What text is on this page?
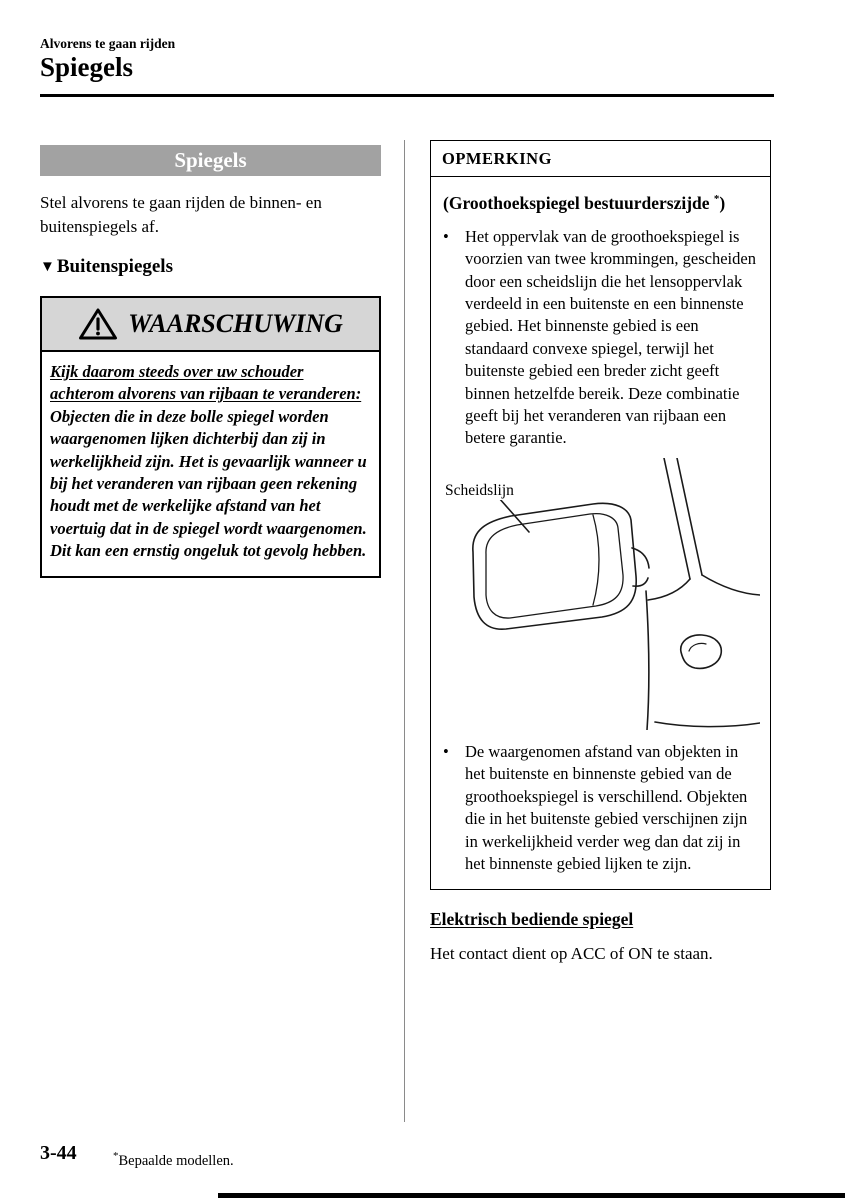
Alvorens te gaan rijden
Spiegels
Spiegels

Stel alvorens te gaan rijden de binnen- en buitenspiegels af.

▼ Buitenspiegels
WAARSCHUWING
Kijk daarom steeds over uw schouder achterom alvorens van rijbaan te veranderen: Objecten die in deze bolle spiegel worden waargenomen lijken dichterbij dan zij in werkelijkheid zijn. Het is gevaarlijk wanneer u bij het veranderen van rijbaan geen rekening houdt met de werkelijke afstand van het voertuig dat in de spiegel wordt waargenomen. Dit kan een ernstig ongeluk tot gevolg hebben.
OPMERKING
(Groothoekspiegel bestuurderszijde *)
• Het oppervlak van de groothoekspiegel is voorzien van twee krommingen, gescheiden door een scheidslijn die het lensoppervlak verdeeld in een buitenste en een binnenste gebied. Het binnenste gebied is een standaard convexe spiegel, terwijl het buitenste gebied een breder zicht geeft binnen hetzelfde bereik. Deze combinatie geeft bij het veranderen van rijbaan een betere garantie.
Scheidslijn
• De waargenomen afstand van objekten in het buitenste en binnenste gebied van de groothoekspiegel is verschillend. Objekten die in het buitenste gebied verschijnen zijn in werkelijkheid verder weg dan dat zij in het binnenste gebied lijken te zijn.
Elektrisch bediende spiegel

Het contact dient op ACC of ON te staan.

3-44	*Bepaalde modellen.
